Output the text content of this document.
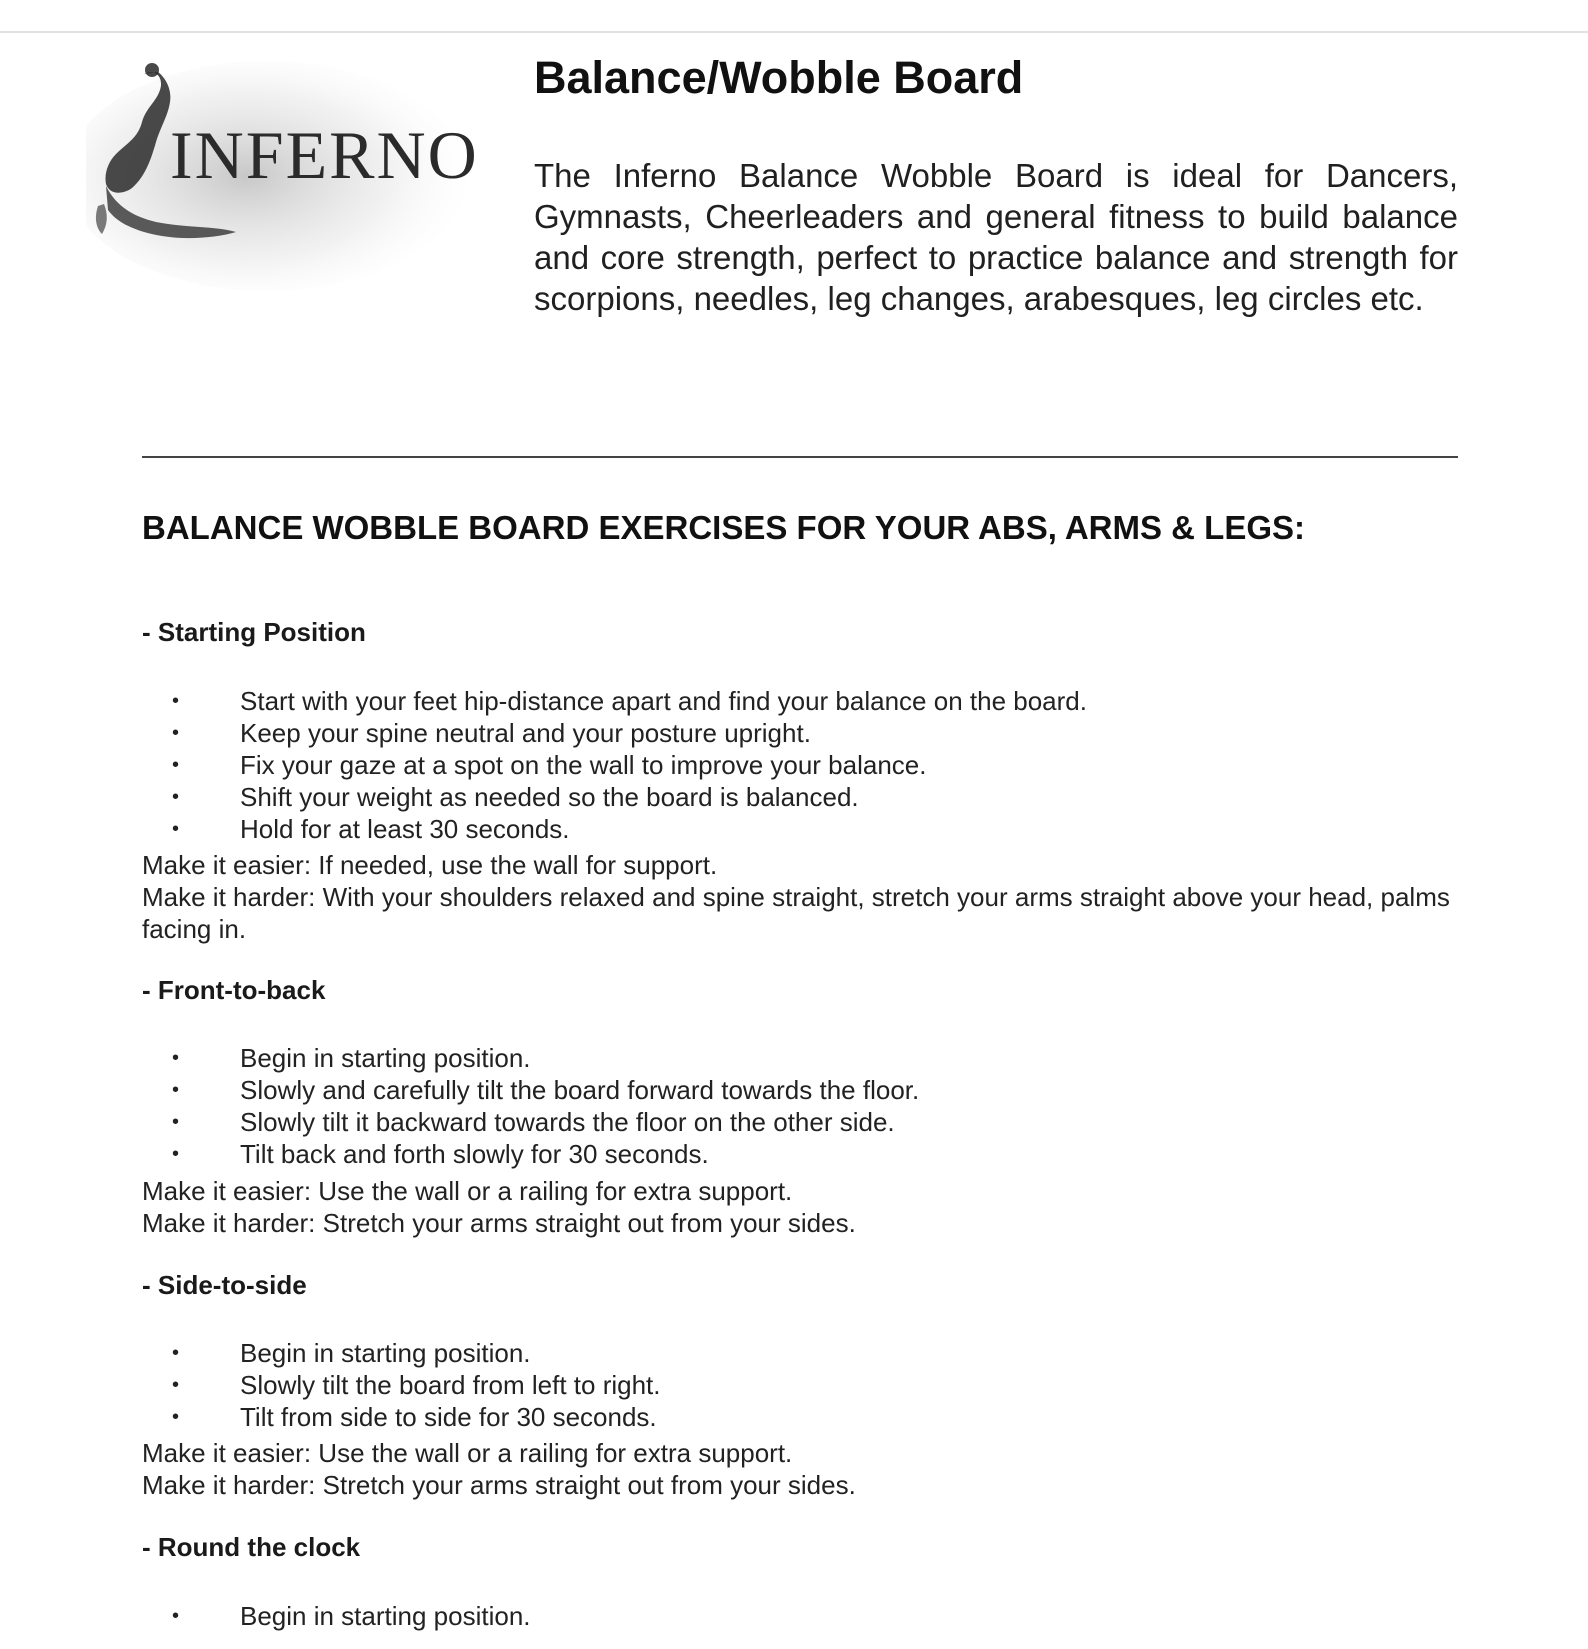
INFERNO
Balance/Wobble Board

The Inferno Balance Wobble Board is ideal for Dancers, Gymnasts, Cheerleaders and general fitness to build balance and core strength, perfect to practice balance and strength for scorpions, needles, leg changes, arabesques, leg circles etc.

BALANCE WOBBLE BOARD EXERCISES FOR YOUR ABS, ARMS & LEGS:
- Starting Position
• Start with your feet hip-distance apart and find your balance on the board.
• Keep your spine neutral and your posture upright.
• Fix your gaze at a spot on the wall to improve your balance.
• Shift your weight as needed so the board is balanced.
• Hold for at least 30 seconds.

Make it easier: If needed, use the wall for support.

Make it harder: With your shoulders relaxed and spine straight, stretch your arms straight above your head, palms facing in.

- Front-to-back
• Begin in starting position.
• Slowly and carefully tilt the board forward towards the floor.
• Slowly tilt it backward towards the floor on the other side.
• Tilt back and forth slowly for 30 seconds.

Make it easier: Use the wall or a railing for extra support.

Make it harder: Stretch your arms straight out from your sides.

- Side-to-side
• Begin in starting position.
• Slowly tilt the board from left to right.
• Tilt from side to side for 30 seconds.

Make it easier: Use the wall or a railing for extra support.

Make it harder: Stretch your arms straight out from your sides.

- Round the clock
• Begin in starting position.
